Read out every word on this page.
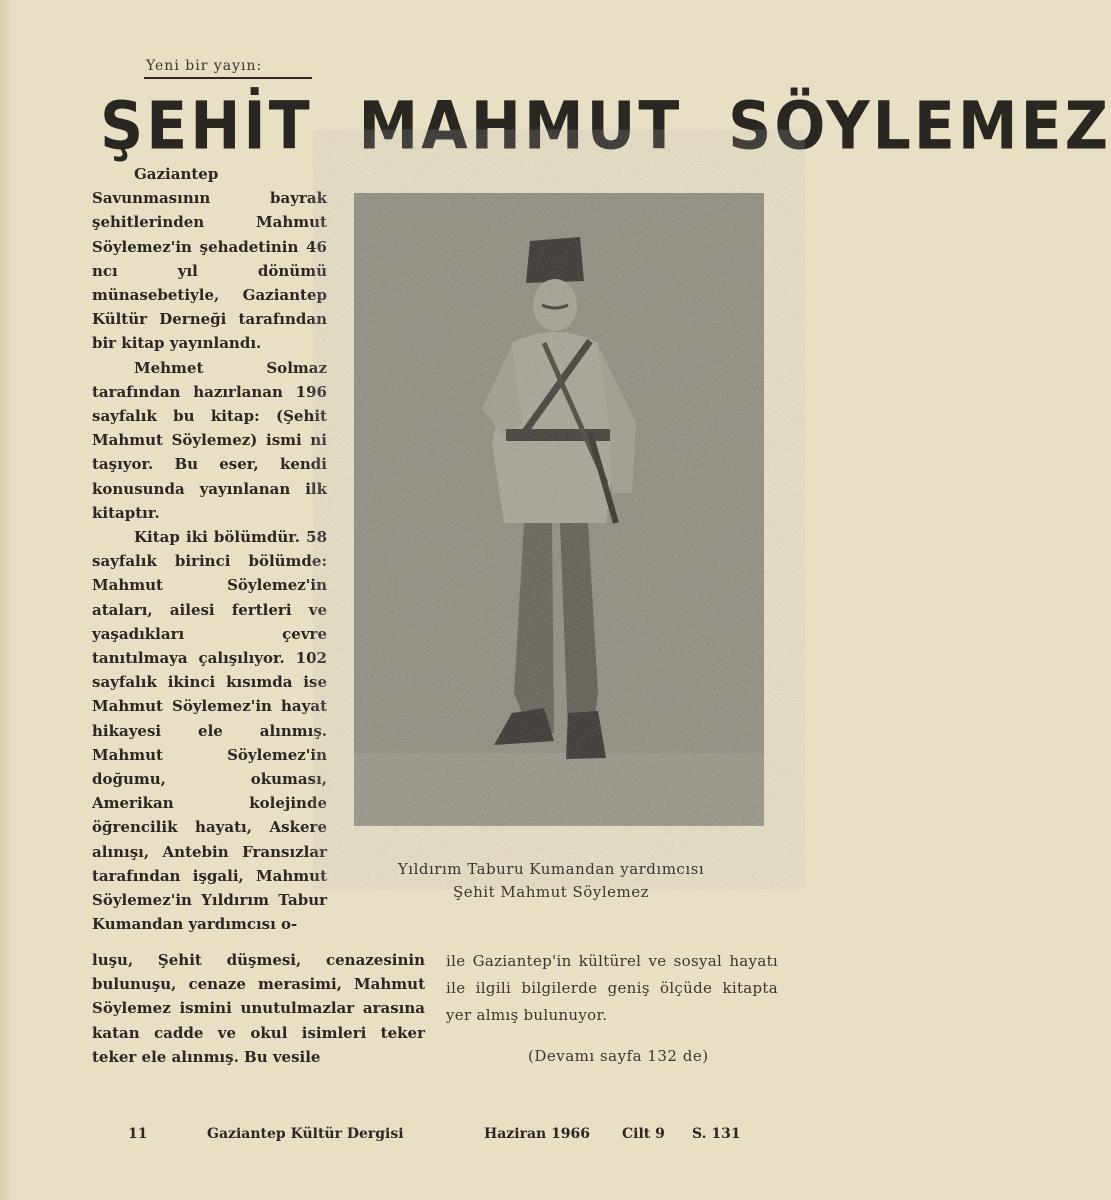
Yeni bir yayın:
ŞEHİT MAHMUT SÖYLEMEZ

Gaziantep Savunmasının bayrak şehitlerinden Mahmut Söylemez'in şehadetinin 46 ncı yıl dönümü münasebetiyle, Gaziantep Kültür Derneği tarafından bir kitap yayınlandı.

Mehmet Solmaz tarafından hazırlanan 196 sayfalık bu kitap: (Şehit Mahmut Söylemez) ismi ni taşıyor. Bu eser, kendi konusunda yayınlanan ilk kitaptır.

Kitap iki bölümdür. 58 sayfalık birinci bölümde: Mahmut Söylemez'in ataları, ailesi fertleri ve yaşadıkları çevre tanıtılmaya çalışılıyor. 102 sayfalık ikinci kısımda ise Mahmut Söylemez'in hayat hikayesi ele alınmış. Mahmut Söylemez'in doğumu, okuması, Amerikan kolejinde öğrencilik hayatı, Askere alınışı, Antebin Fransızlar tarafından işgali, Mahmut Söylemez'in Yıldırım Tabur Kumandan yardımcısı o-

Yıldırım Taburu Kumandan yardımcısı
Şehit Mahmut Söylemez
luşu, Şehit düşmesi, cenazesinin bulunuşu, cenaze merasimi, Mahmut Söylemez ismini unutulmazlar arasına katan cadde ve okul isimleri teker teker ele alınmış. Bu vesile

ile Gaziantep'in kültürel ve sosyal hayatı ile ilgili bilgilerde geniş ölçüde kitapta yer almış bulunuyor.

(Devamı sayfa 132 de)
11	Gaziantep Kültür Dergisi	Haziran 1966 Cilt 9 S. 131
